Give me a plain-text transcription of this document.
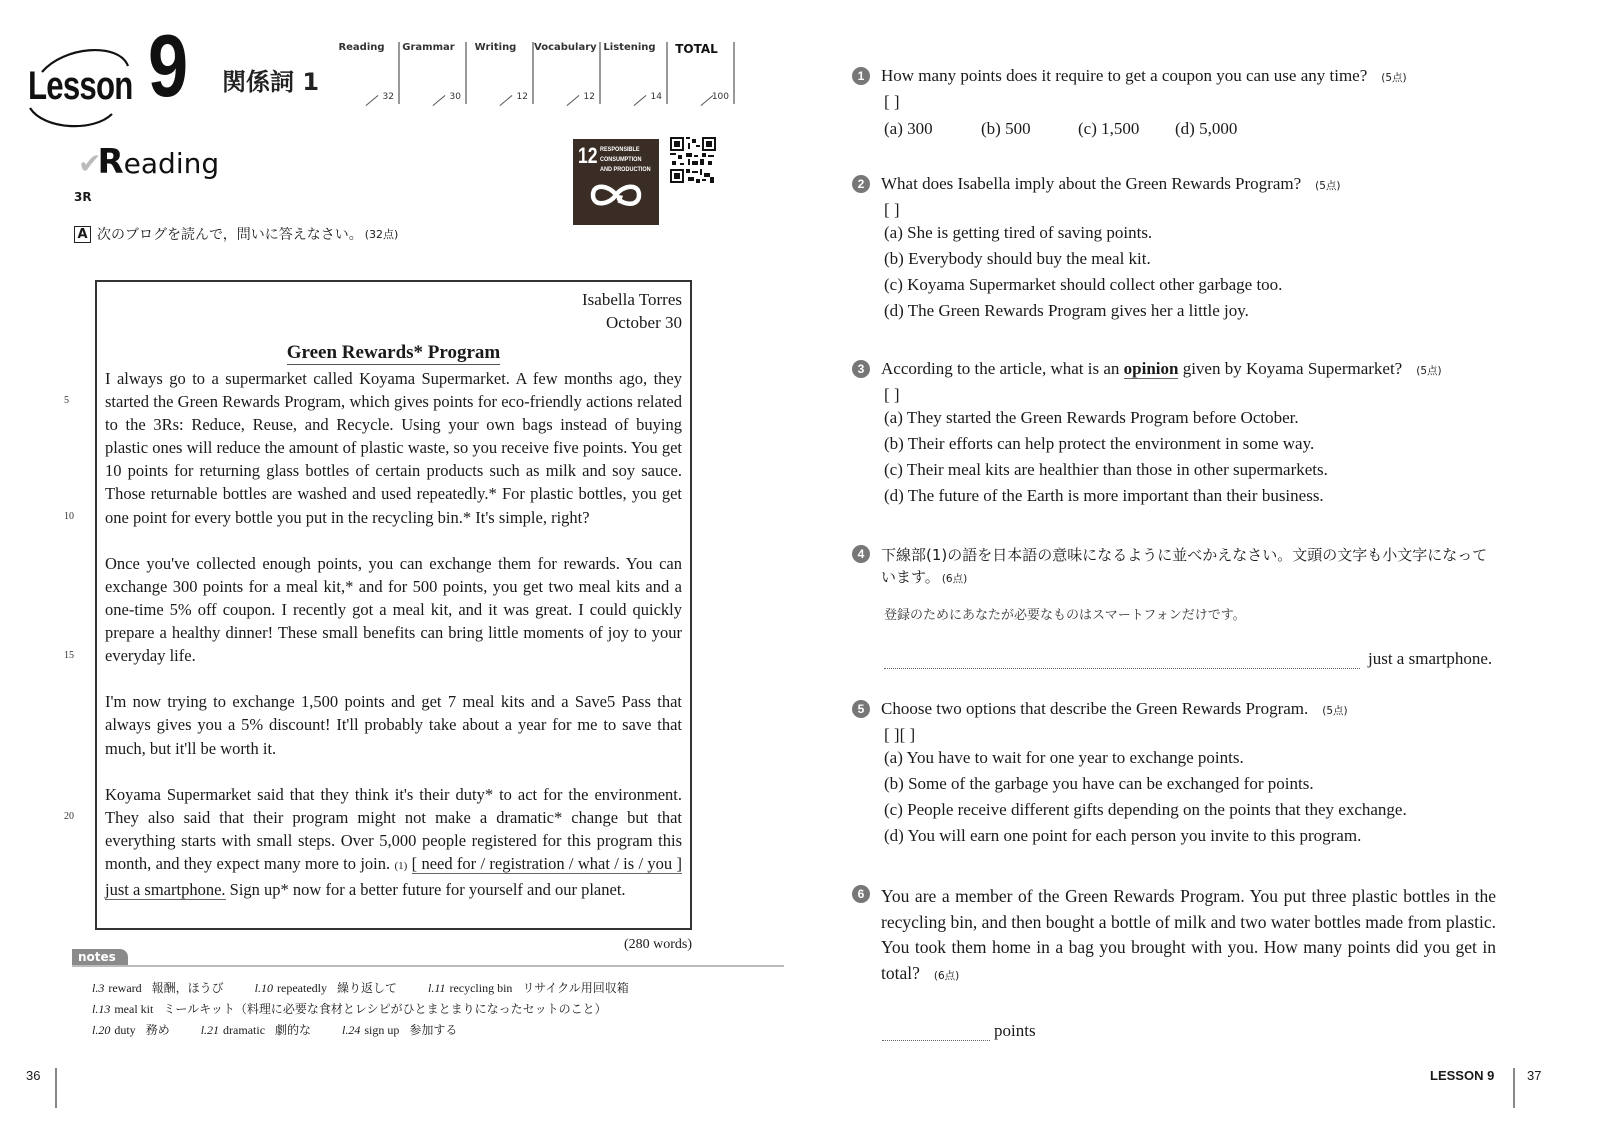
Lesson 9 関係詞 1
Reading
32
Grammar
30
Writing
12
Vocabulary
12
Listening
14
TOTAL
100
✔
Reading
3R
A 次のブログを読んで，問いに答えなさい。 (32点)
12 RESPONSIBLE
CONSUMPTION
AND PRODUCTION
Isabella Torres
October 30
Green Rewards* Program

I always go to a supermarket called Koyama Supermarket. A few months ago, they started the Green Rewards Program, which gives points for eco-friendly actions related to the 3Rs: Reduce, Reuse, and Recycle. Using your own bags instead of buying plastic ones will reduce the amount of plastic waste, so you receive five points. You get 10 points for returning glass bottles of certain products such as milk and soy sauce. Those returnable bottles are washed and used repeatedly.* For plastic bottles, you get one point for every bottle you put in the recycling bin.* It's simple, right?

Once you've collected enough points, you can exchange them for rewards. You can exchange 300 points for a meal kit,* and for 500 points, you get two meal kits and a one-time 5% off coupon. I recently got a meal kit, and it was great. I could quickly prepare a healthy dinner! These small benefits can bring little moments of joy to your everyday life.

I'm now trying to exchange 1,500 points and get 7 meal kits and a Save5 Pass that always gives you a 5% discount! It'll probably take about a year for me to save that much, but it'll be worth it.

Koyama Supermarket said that they think it's their duty* to act for the environment. They also said that their program might not make a dramatic* change but that everything starts with small steps. Over 5,000 people registered for this program this month, and they expect many more to join. (1) [ need for / registration / what / is / you ] just a smartphone. Sign up* now for a better future for yourself and our planet.

5
10
15
20
(280 words)
notes
l.3 reward 報酬，ほうび	l.10 repeatedly 繰り返して	l.11 recycling bin リサイクル用回収箱
l.13 meal kit ミールキット（料理に必要な食材とレシピがひとまとまりになったセットのこと）
l.20 duty 務め	l.21 dramatic 劇的な	l.24 sign up 参加する
36
1 How many points does it require to get a coupon you can use any time? (5点)
[ ]
(a) 300	(b) 500	(c) 1,500	(d) 5,000
2 What does Isabella imply about the Green Rewards Program? (5点)
[ ]
(a) She is getting tired of saving points.
(b) Everybody should buy the meal kit.
(c) Koyama Supermarket should collect other garbage too.
(d) The Green Rewards Program gives her a little joy.
3 According to the article, what is an opinion given by Koyama Supermarket? (5点)
[ ]
(a) They started the Green Rewards Program before October.
(b) Their efforts can help protect the environment in some way.
(c) Their meal kits are healthier than those in other supermarkets.
(d) The future of the Earth is more important than their business.
4	下線部(1)の語を日本語の意味になるように並べかえなさい。文頭の文字も小文字になっています。 (6点)
登録のためにあなたが必要なものはスマートフォンだけです。
just a smartphone.
5 Choose two options that describe the Green Rewards Program. (5点)
[ ][ ]
(a) You have to wait for one year to exchange points.
(b) Some of the garbage you have can be exchanged for points.
(c) People receive different gifts depending on the points that they exchange.
(d) You will earn one point for each person you invite to this program.
6 You are a member of the Green Rewards Program. You put three plastic bottles in the recycling bin, and then bought a bottle of milk and two water bottles made from plastic. You took them home in a bag you brought with you. How many points did you get in total? (6点)
points
LESSON 9	37
